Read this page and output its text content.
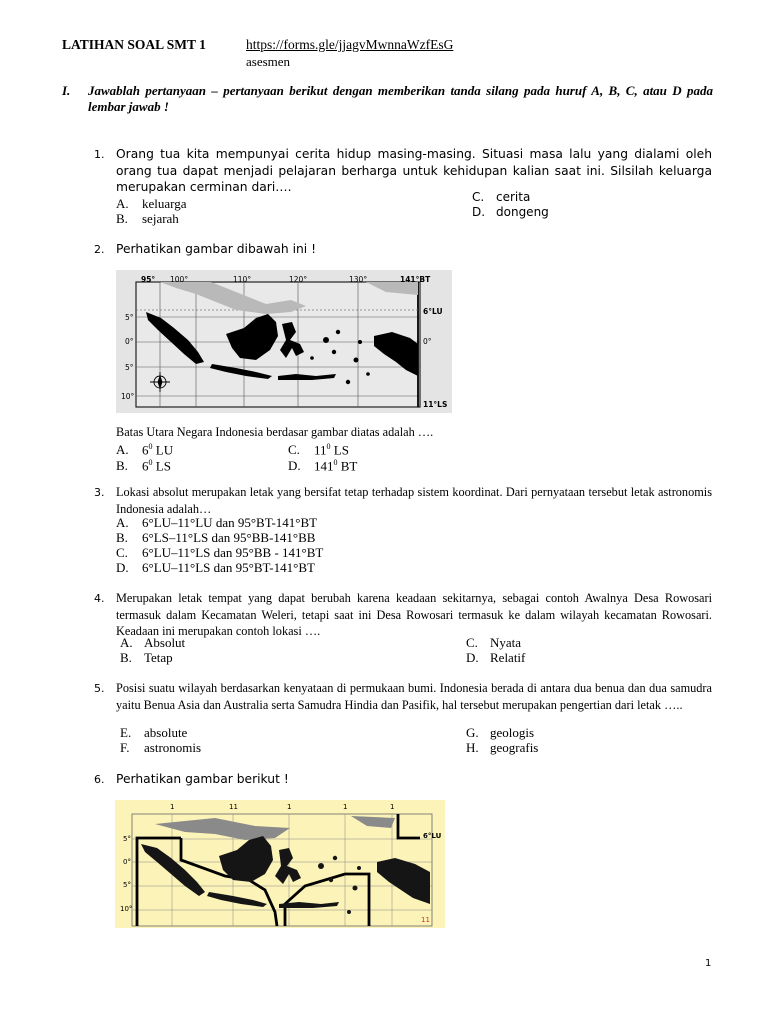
LATIHAN SOAL SMT 1	https://forms.gle/jjagvMwnnaWzfEsG
asesmen
I. Jawablah pertanyaan – pertanyaan berikut dengan memberikan tanda silang pada huruf A, B, C, atau D pada lembar jawab !
1. Orang tua kita mempunyai cerita hidup masing-masing. Situasi masa lalu yang dialami oleh orang tua dapat menjadi pelajaran berharga untuk kehidupan kalian saat ini. Silsilah keluarga merupakan cerminan dari….
A. keluarga
B. sejarah
C. cerita
D. dongeng
2. Perhatikan gambar dibawah ini !
95° 100°	110°	120°	130°	141°BT
5°
0°
5°
10°
6°LU
0°
11°LS
Batas Utara Negara Indonesia berdasar gambar diatas adalah ….
A. $6^0$ LU
B. $6^0$ LS
C. $11^0$ LS
D. $141^0$ BT
3. Lokasi absolut merupakan letak yang bersifat tetap terhadap sistem koordinat. Dari pernyataan tersebut letak astronomis Indonesia adalah…
A. 6°LU–11°LU dan 95°BT-141°BT
B. 6°LS–11°LS dan 95°BB-141°BB
C. 6°LU–11°LS dan 95°BB - 141°BT
D. 6°LU–11°LS dan 95°BT-141°BT
4. Merupakan letak tempat yang dapat berubah karena keadaan sekitarnya, sebagai contoh Awalnya Desa Rowosari termasuk dalam Kecamatan Weleri, tetapi saat ini Desa Rowosari termasuk ke dalam wilayah kecamatan Rowosari. Keadaan ini merupakan contoh lokasi ….
A. Absolut
B. Tetap
C. Nyata
D. Relatif
5. Posisi suatu wilayah berdasarkan kenyataan di permukaan bumi. Indonesia berada di antara dua benua dan dua samudra yaitu Benua Asia dan Australia serta Samudra Hindia dan Pasifik, hal tersebut merupakan pengertian dari letak …..
E. absolute
F. astronomis
G. geologis
H. geografis
6. Perhatikan gambar berikut !
1	11	1	1	1
5°
0°
5°
10°
6°LU
11
1
